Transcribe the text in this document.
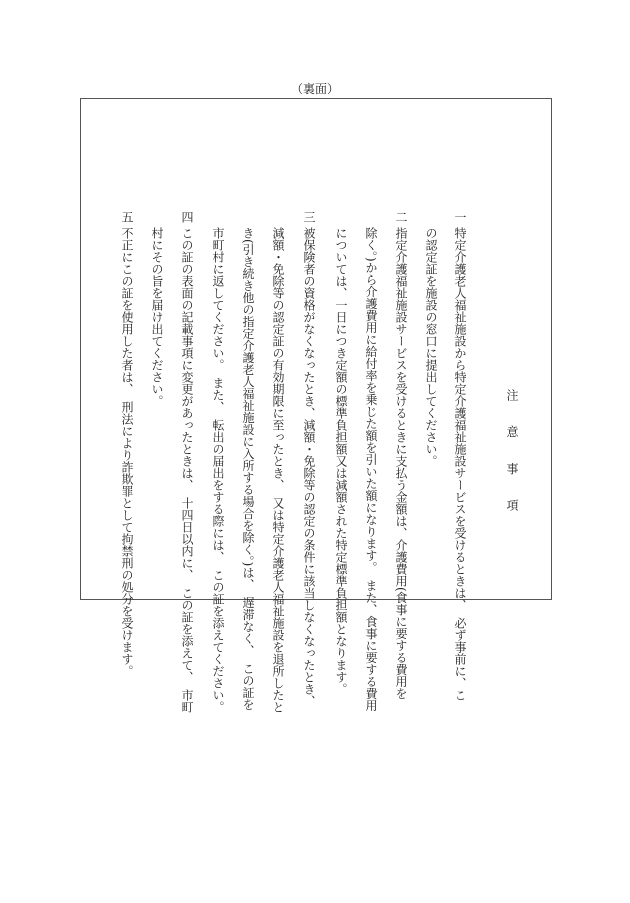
（裏面）
注意事項
一
特定介護老人福祉施設から特定介護福祉施設サービスを受けるときは、　必ず事前に、こ
の認定証を施設の窓口に提出してください。
二
指定介護福祉施設サービスを受けるときに支払う金額は、介護費用(食事に要する費用を
除く。)から介護費用に給付率を乗じた額を引いた額になります。　また、食事に要する費用
については、一日につき定額の標準負担額又は減額された特定標準負担額となります。
三
被保険者の資格がなくなったとき、減額・免除等の認定の条件に該当しなくなったとき、
減額・免除等の認定証の有効期限に至ったとき、　又は特定介護老人福祉施設を退所したと
き(引き続き他の指定介護老人福祉施設に入所する場合を除く。)は、　遅滞なく、　この証を
市町村に返してください。　また、　転出の届出をする際には、　この証を添えてください。
四
この証の表面の記載事項に変更があったときは、　十四日以内に、　この証を添えて、　市町
村にその旨を届け出てください。
五
不正にこの証を使用した者は、　刑法により詐欺罪として拘禁刑の処分を受けます。
